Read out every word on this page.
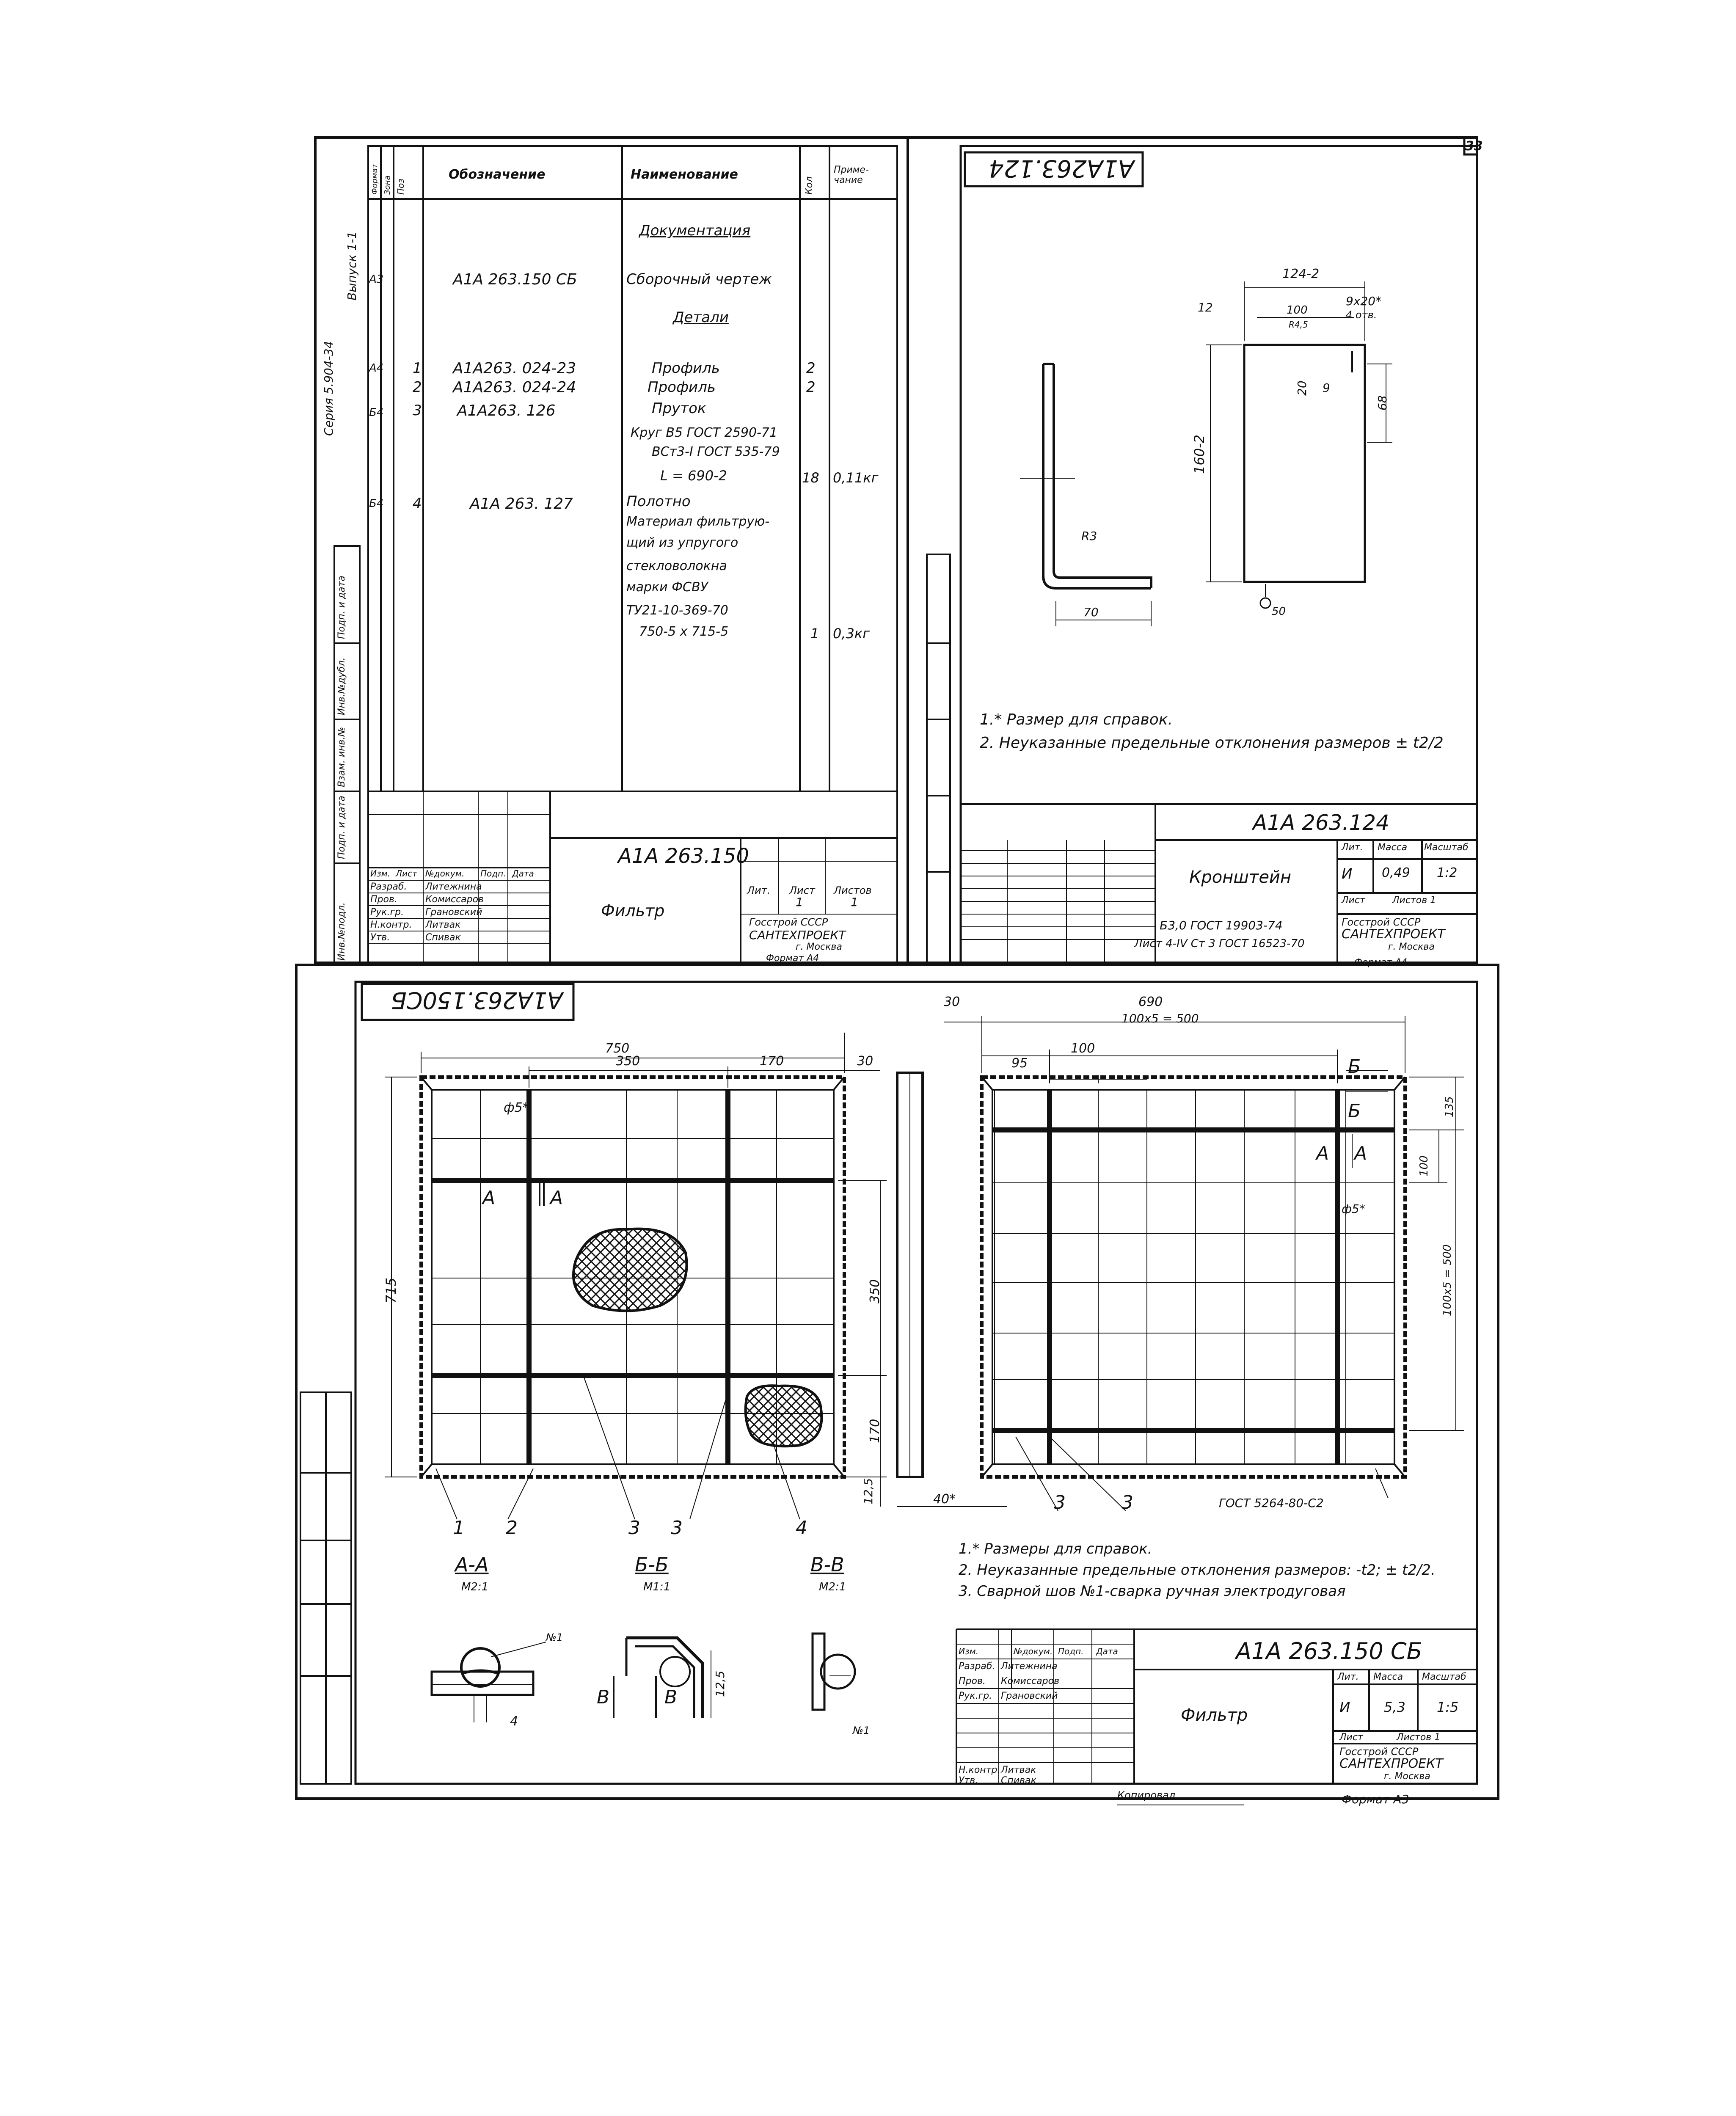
33
Серия 5.904-34
Выпуск 1-1
Формат Зона Поз
Обозначение	Наименование
Кол
Приме-чание
Документация
Детали
A3	A1A 263.150 СБ	Сборочный чертеж
A4 1 A1A263. 024-23	Профиль	2
2 A1A263. 024-24	Профиль	2
Б4 3 A1A263. 126	Пруток
Круг B5 ГОСТ 2590-71
ВСт3-I ГОСТ 535-79
L = 690-2	18 0,11кг
Б4 4	A1A 263. 127	Полотно
Материал фильтрую-
щий из упругого
стекловолокна
марки ФСВУ
ТУ21-10-369-70
750-5 x 715-5	1 0,3кг
Инв.№подл.
Подп. и дата
Взам. инв.№
Инв.№дубл.
Подп. и дата
A1A 263.150
Фильтр
Лит. Лист Листов
1	1
Госстрой СССР
САНТЕХПРОЕКТ
г. Москва
Изм. Лист №докум. Подп. Дата
Разраб. Литежнина
Пров.	Комиссаров
Рук.гр. Грановский
Н.контр. Литвак
Утв.	Спивак
Формат А4
A1A263.124
124-2
12	100
R4,5
9х20*
4 отв.
20 9
68
160-2
R3
70	50
1.* Размер для справок.
2. Неуказанные предельные отклонения размеров ± t2/2
A1A 263.124
Кронштейн
Лит. Масса Масштаб
И 0,49 1:2
Лист	Листов 1
Б3,0 ГОСТ 19903-74
Лист 4-IV Ст 3 ГОСТ 16523-70
Госстрой СССР
САНТЕХПРОЕКТ
г. Москва
Формат А4
A1A263.150СБ
750
350	170	30
715	350
170
12,5
ф5*
40*
A	A
1 2	3 3	4
30	690
95
100х5 = 500
100
135
100
100х5 = 500
ф5*
ГОСТ 5264-80-С2
Б
Б
A A
3	3
A-A	Б-Б	В-В
М2:1	М1:1	М2:1
№1
4
12,5
В	В
№1
1.* Размеры для справок.
2. Неуказанные предельные отклонения размеров: -t2; ± t2/2.
3. Сварной шов №1-сварка ручная электродуговая
A1A 263.150 СБ
Фильтр
Лит. Масса Масштаб
И 5,3 1:5
Лист	Листов 1
Госстрой СССР
САНТЕХПРОЕКТ
г. Москва
Формат А3
Копировал
Изм.	№докум. Подп. Дата
Разраб. Литежнина
Пров. Комиссаров
Рук.гр. Грановский
Н.контр. Литвак
Утв. Спивак
